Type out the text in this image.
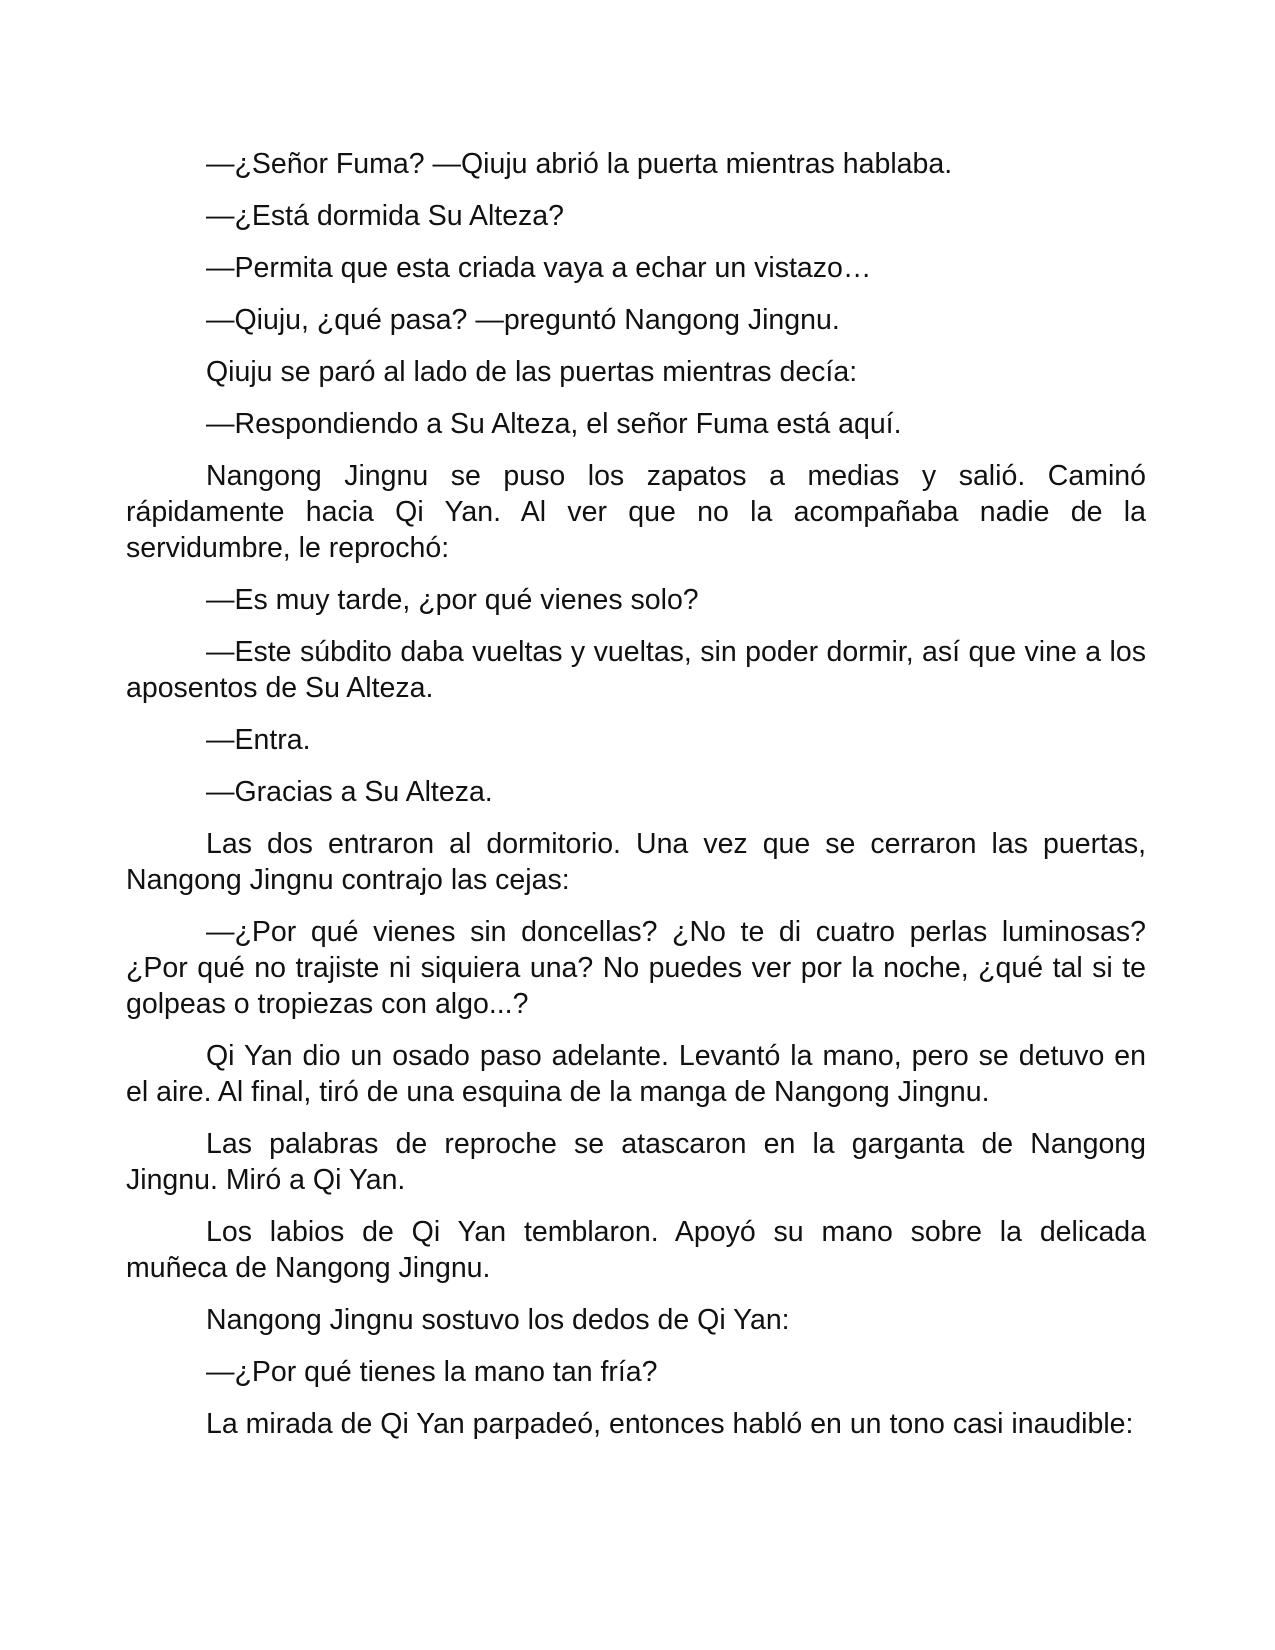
—¿Señor Fuma? —Qiuju abrió la puerta mientras hablaba.

—¿Está dormida Su Alteza?

—Permita que esta criada vaya a echar un vistazo…

—Qiuju, ¿qué pasa? —preguntó Nangong Jingnu.

Qiuju se paró al lado de las puertas mientras decía:

—Respondiendo a Su Alteza, el señor Fuma está aquí.

Nangong Jingnu se puso los zapatos a medias y salió. Caminó rápidamente hacia Qi Yan. Al ver que no la acompañaba nadie de la servidumbre, le reprochó:

—Es muy tarde, ¿por qué vienes solo?

—Este súbdito daba vueltas y vueltas, sin poder dormir, así que vine a los aposentos de Su Alteza.

—Entra.

—Gracias a Su Alteza.

Las dos entraron al dormitorio. Una vez que se cerraron las puertas, Nangong Jingnu contrajo las cejas:

—¿Por qué vienes sin doncellas? ¿No te di cuatro perlas luminosas? ¿Por qué no trajiste ni siquiera una? No puedes ver por la noche, ¿qué tal si te golpeas o tropiezas con algo...?

Qi Yan dio un osado paso adelante. Levantó la mano, pero se detuvo en el aire. Al final, tiró de una esquina de la manga de Nangong Jingnu.

Las palabras de reproche se atascaron en la garganta de Nangong Jingnu. Miró a Qi Yan.

Los labios de Qi Yan temblaron. Apoyó su mano sobre la delicada muñeca de Nangong Jingnu.

Nangong Jingnu sostuvo los dedos de Qi Yan:

—¿Por qué tienes la mano tan fría?

La mirada de Qi Yan parpadeó, entonces habló en un tono casi inaudible:
